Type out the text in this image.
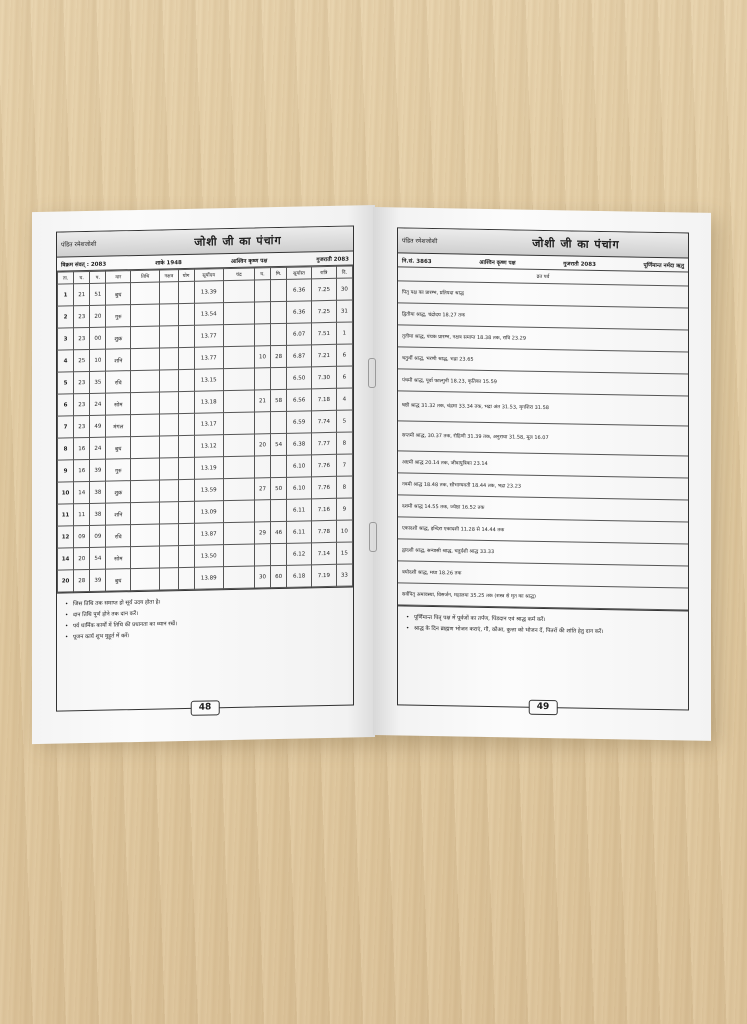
पंडित रमेशजोशी	जोशी जी का पंचांग
विक्रम संवत् : 2083	शाके 1948	आश्विन कृष्ण पक्ष	गुजराती 2083
ता.	घ.	प.	वार	तिथि	नक्षत्र	योग	सूर्योदय	चंद्र	घ.	मि.	सूर्यास्त	रात्रि	दि.
1	21	51	बुध				13.39				6.36	7.25	30
2	23	20	गुरु				13.54				6.36	7.25	31
3	23	00	शुक्र				13.77				6.07	7.51	1
4	25	10	शनि				13.77		10	28	6.87	7.21	6
5	23	35	रवि				13.15				6.50	7.30	6
6	23	24	सोम				13.18		21	58	6.56	7.18	4
7	23	49	मंगल				13.17				6.59	7.74	5
8	16	24	बुध				13.12		20	54	6.38	7.77	8
9	16	39	गुरु				13.19				6.10	7.76	7
10	14	38	शुक्र				13.59		27	50	6.10	7.76	8
11	11	38	शनि				13.09				6.11	7.16	9
12	09	09	रवि				13.87		29	46	6.11	7.78	10
14	20	54	सोम				13.50				6.12	7.14	15
20	28	39	बुध				13.89		30	60	6.18	7.19	33
• जिस तिथि तक समाप्त हो सूर्य उदय होता है।
• दान तिथि पूर्ण होने तक दान करें।
• पर्व धार्मिक कार्यों में तिथि की प्रधानता का ध्यान रखें।
• पूजन कार्य शुभ मुहूर्त में करें।
48
पंडित रमेशजोशी	जोशी जी का पंचांग
नि.सं. 3863	आश्विन कृष्ण पक्ष	गुजराती 2083	पूर्णिमान्त नर्मदा ऋतु
व्रत पर्व
पितृ पक्ष का प्रारम्भ, प्रतिपदा श्राद्ध
द्वितीया श्राद्ध, चंद्रोदय 18.27 तक
तृतीया श्राद्ध, पंचक प्रारम्भ, नक्षत्र समाप्त 18.38 तक, रात्रि 23.29
चतुर्थी श्राद्ध, भरणी श्राद्ध, भद्रा 23.65
पंचमी श्राद्ध, पूर्वा फाल्गुनी 18.23, कृतिका 15.59
षष्ठी श्राद्ध 31.32 तक, चंद्रमा 33.34 तक, भद्रा अंत 31.53, मृगशिरा 31.58
सप्तमी श्राद्ध, 30.37 तक, रोहिणी 31.39 तक, अनुराधा 31.58, मूल 16.07
अष्टमी श्राद्ध 20.14 तक, जीवत्पुत्रिका 23.14
नवमी श्राद्ध 18.48 तक, सौभाग्यवती 18.44 तक, भद्रा 23.23
दशमी श्राद्ध 14.55 तक, ज्येष्ठा 16.52 तक
एकादशी श्राद्ध, इन्दिरा एकादशी 11.28 से 14.44 तक
द्वादशी श्राद्ध, सन्यासी श्राद्ध, चतुर्दशी श्राद्ध 33.33
त्रयोदशी श्राद्ध, मघा 18.26 तक
सर्वपितृ अमावस्या, विसर्जन, महालया 35.25 तक (शस्त्र से मृत का श्राद्ध)
• पूर्णिमान्त पितृ पक्ष में पूर्वजों का तर्पण, पिंडदान एवं श्राद्ध कर्म करें।
• श्राद्ध के दिन ब्राह्मण भोजन कराएं, गौ, कौआ, कुत्ता को भोजन दें, पितरों की शांति हेतु दान करें।
49
